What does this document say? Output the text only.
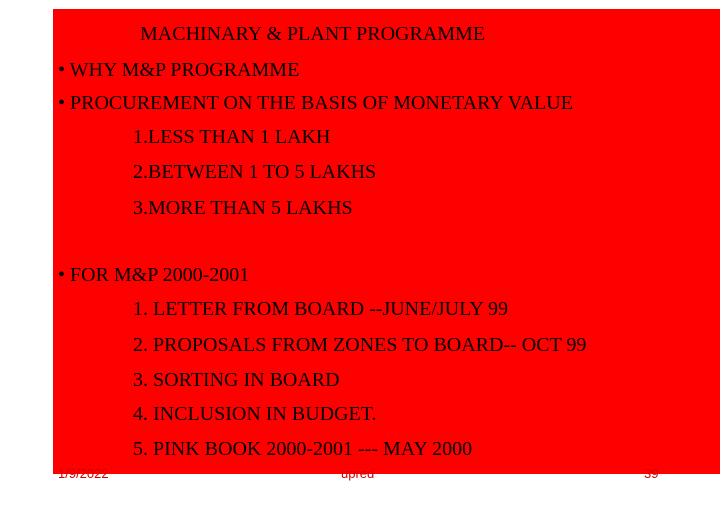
MACHINARY & PLANT PROGRAMME
• WHY M&P PROGRAMME
• PROCUREMENT ON THE BASIS OF MONETARY VALUE
1.LESS THAN 1 LAKH
2.BETWEEN 1 TO 5 LAKHS
3.MORE THAN 5 LAKHS
• FOR M&P 2000-2001
1. LETTER FROM BOARD --JUNE/JULY 99
2. PROPOSALS FROM ZONES TO BOARD-- OCT 99
3. SORTING IN BOARD
4. INCLUSION IN BUDGET.
5. PINK BOOK 2000-2001 --- MAY 2000
1/9/2022	upred	39
